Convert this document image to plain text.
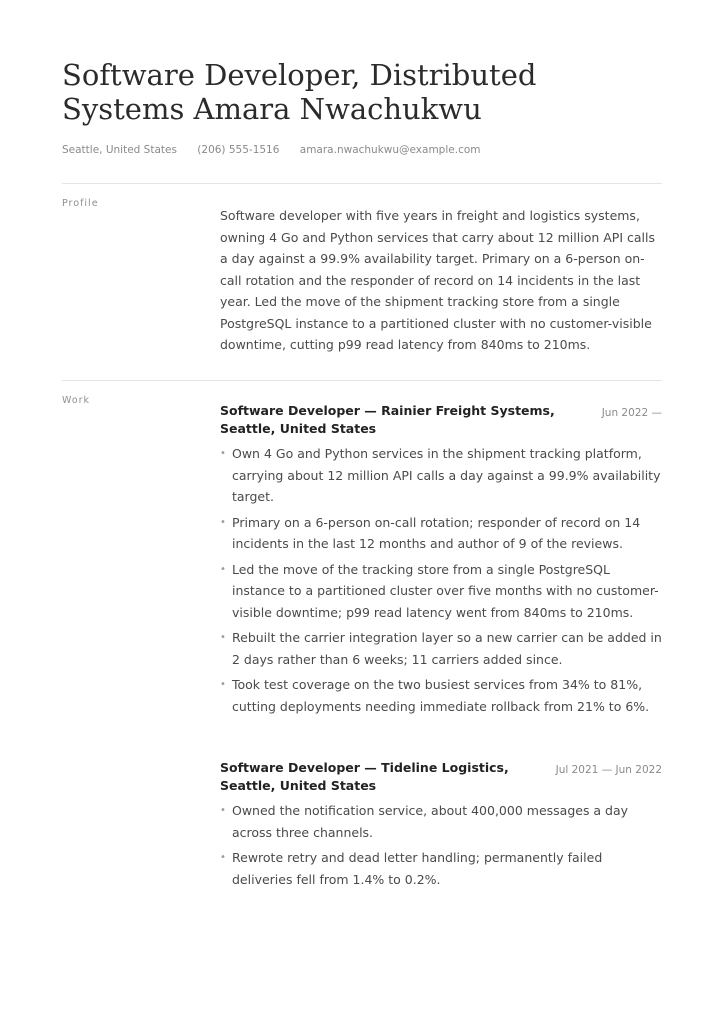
Software Developer, Distributed Systems Amara Nwachukwu
Seattle, United States (206) 555-1516 amara.nwachukwu@example.com
Profile

Software developer with five years in freight and logistics systems, owning 4 Go and Python services that carry about 12 million API calls a day against a 99.9% availability target. Primary on a 6-person on-call rotation and the responder of record on 14 incidents in the last year. Led the move of the shipment tracking store from a single PostgreSQL instance to a partitioned cluster with no customer-visible downtime, cutting p99 read latency from 840ms to 210ms.

Work
Software Developer — Rainier Freight Systems, Seattle, United States
Jun 2022 —
• Own 4 Go and Python services in the shipment tracking platform, carrying about 12 million API calls a day against a 99.9% availability target.
• Primary on a 6-person on-call rotation; responder of record on 14 incidents in the last 12 months and author of 9 of the reviews.
• Led the move of the tracking store from a single PostgreSQL instance to a partitioned cluster over five months with no customer-visible downtime; p99 read latency went from 840ms to 210ms.
• Rebuilt the carrier integration layer so a new carrier can be added in 2 days rather than 6 weeks; 11 carriers added since.
• Took test coverage on the two busiest services from 34% to 81%, cutting deployments needing immediate rollback from 21% to 6%.
Software Developer — Tideline Logistics, Seattle, United States
Jul 2021 — Jun 2022
• Owned the notification service, about 400,000 messages a day across three channels.
• Rewrote retry and dead letter handling; permanently failed deliveries fell from 1.4% to 0.2%.
